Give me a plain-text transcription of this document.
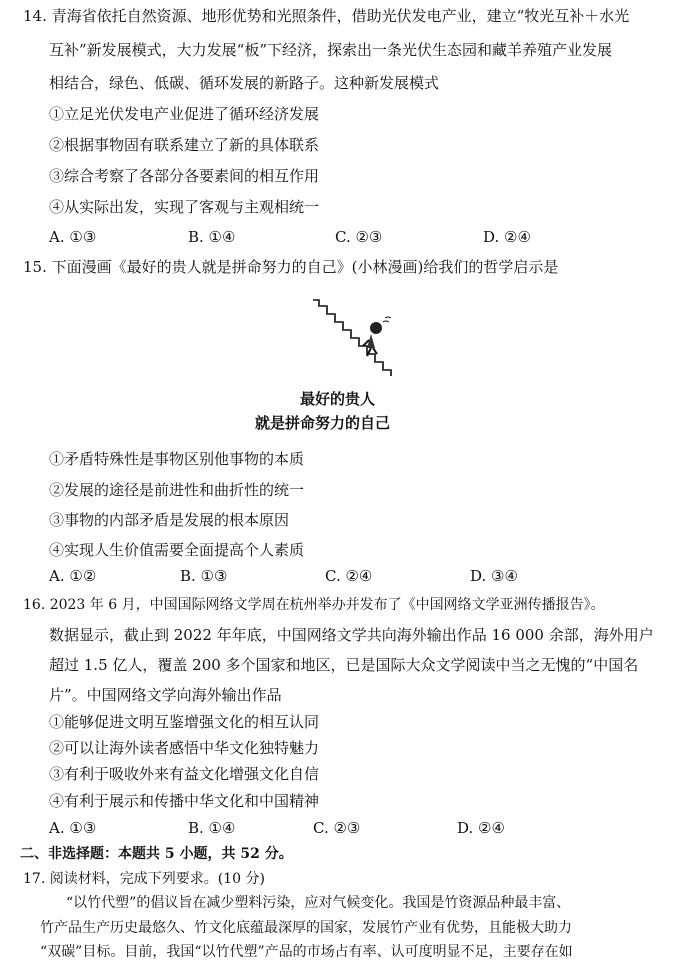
14. 青海省依托自然资源、地形优势和光照条件，借助光伏发电产业，建立“牧光互补＋水光
互补”新发展模式，大力发展“板”下经济，探索出一条光伏生态园和藏羊养殖产业发展
相结合，绿色、低碳、循环发展的新路子。这种新发展模式
①立足光伏发电产业促进了循环经济发展
②根据事物固有联系建立了新的具体联系
③综合考察了各部分各要素间的相互作用
④从实际出发，实现了客观与主观相统一
A. ①③	B. ①④	C. ②③	D. ②④
15. 下面漫画《最好的贵人就是拼命努力的自己》(小林漫画)给我们的哲学启示是
最好的贵人
就是拼命努力的自己
①矛盾特殊性是事物区别他事物的本质
②发展的途径是前进性和曲折性的统一
③事物的内部矛盾是发展的根本原因
④实现人生价值需要全面提高个人素质
A. ①②	B. ①③	C. ②④	D. ③④
16. 2023 年 6 月，中国国际网络文学周在杭州举办并发布了《中国网络文学亚洲传播报告》。
数据显示，截止到 2022 年年底，中国网络文学共向海外输出作品 16 000 余部，海外用户
超过 1.5 亿人，覆盖 200 多个国家和地区，已是国际大众文学阅读中当之无愧的“中国名
片”。中国网络文学向海外输出作品
①能够促进文明互鉴增强文化的相互认同
②可以让海外读者感悟中华文化独特魅力
③有利于吸收外来有益文化增强文化自信
④有利于展示和传播中华文化和中国精神
A. ①③	B. ①④	C. ②③	D. ②④
二、非选择题：本题共 5 小题，共 52 分。
17. 阅读材料，完成下列要求。(10 分)
“以竹代塑”的倡议旨在减少塑料污染，应对气候变化。我国是竹资源品种最丰富、
竹产品生产历史最悠久、竹文化底蕴最深厚的国家，发展竹产业有优势，且能极大助力
“双碳”目标。目前，我国“以竹代塑”产品的市场占有率、认可度明显不足，主要存在如
